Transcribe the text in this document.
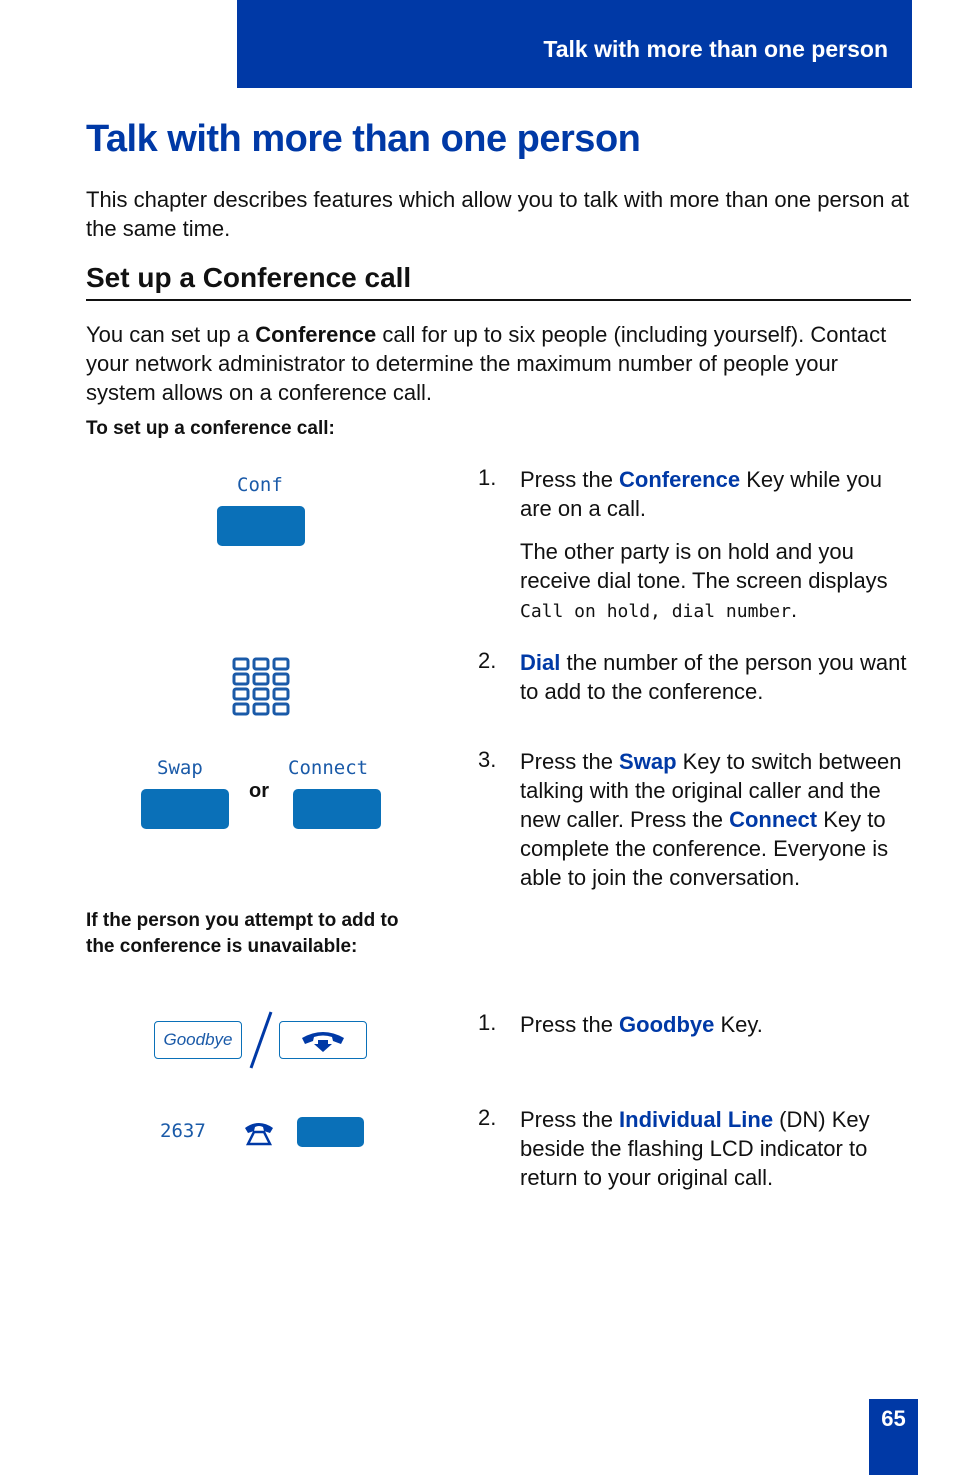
Talk with more than one person
Talk with more than one person

This chapter describes features which allow you to talk with more than one person at the same time.

Set up a Conference call

You can set up a Conference call for up to six people (including yourself). Contact your network administrator to determine the maximum number of people your system allows on a conference call.

To set up a conference call:

Conf	1. Press the Conference Key while you are on a call.

The other party is on hold and you receive dial tone. The screen displays Call on hold, dial number.

2. Dial the number of the person you want to add to the conference.

Swap	Connect
or
3. Press the Swap Key to switch between talking with the original caller and the new caller. Press the Connect Key to complete the conference. Everyone is able to join the conversation.

If the person you attempt to add to the conference is unavailable:

Goodbye
1. Press the Goodbye Key.

2637
2. Press the Individual Line (DN) Key beside the flashing LCD indicator to return to your original call.

65
